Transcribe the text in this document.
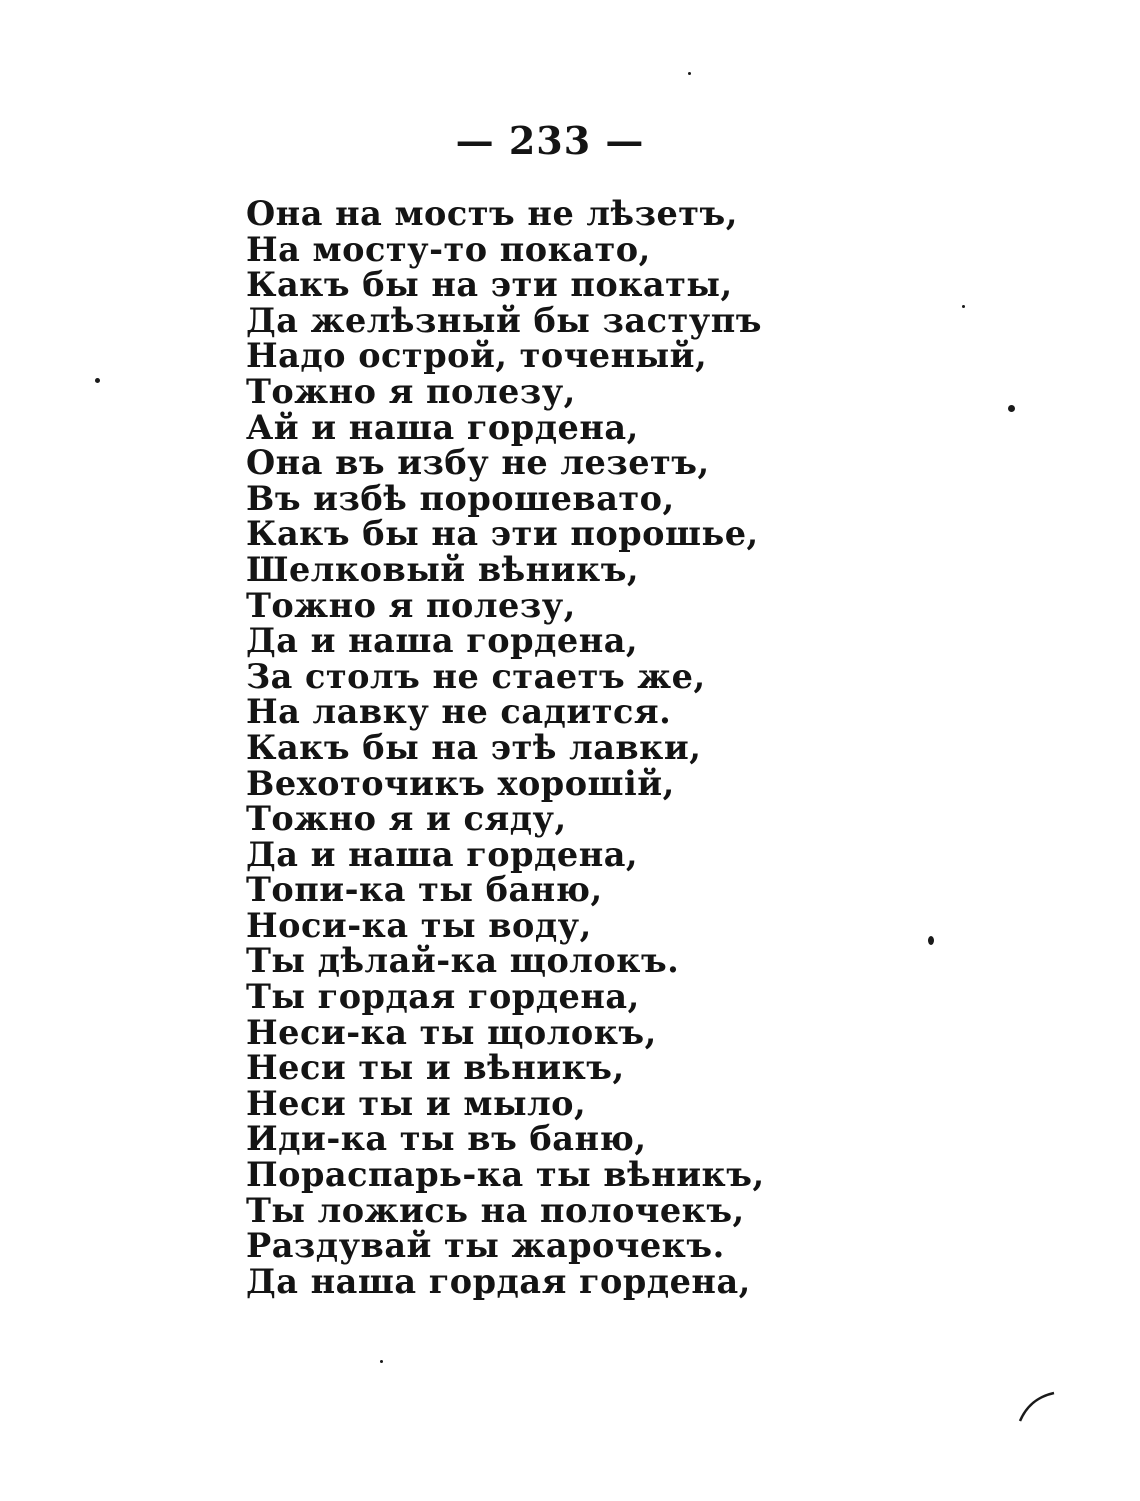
— 233 —
Она на мостъ не лѣзетъ,
На мосту-то покато,
Какъ бы на эти покаты,
Да желѣзный бы заступъ
Надо острой, точеный,
Тожно я полезу,
Ай и наша гордена,
Она въ избу не лезетъ,
Въ избѣ порошевато,
Какъ бы на эти порошье,
Шелковый вѣникъ,
Тожно я полезу,
Да и наша гордена,
За столъ не стаетъ же,
На лавку не садится.
Какъ бы на этѣ лавки,
Вехоточикъ хорошій,
Тожно я и сяду,
Да и наша гордена,
Топи-ка ты баню,
Носи-ка ты воду,
Ты дѣлай-ка щолокъ.
Ты гордая гордена,
Неси-ка ты щолокъ,
Неси ты и вѣникъ,
Неси ты и мыло,
Иди-ка ты въ баню,
Пораспарь-ка ты вѣникъ,
Ты ложись на полочекъ,
Раздувай ты жарочекъ.
Да наша гордая гордена,
